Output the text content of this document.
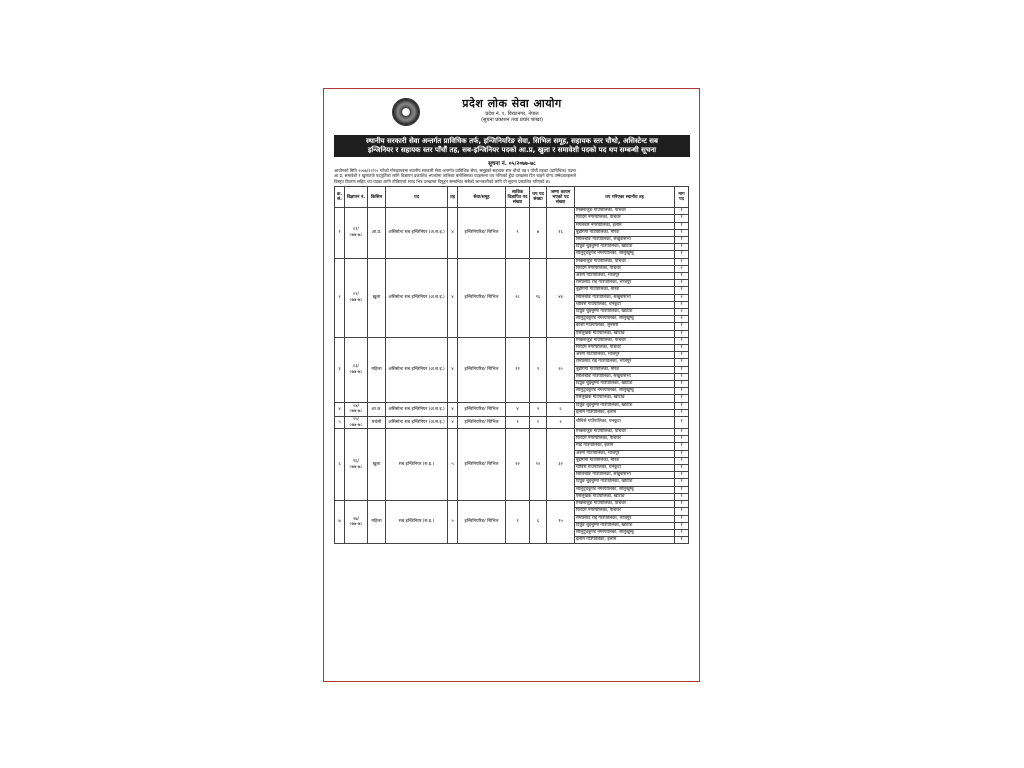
प्रदेश लोक सेवा आयोग
प्रदेश नं. १, विराटनगर, नेपाल
(सूचना प्रकाशन तथा प्रचार शाखा)
स्थानीय सरकारी सेवा अन्तर्गत प्राविधिक तर्फ, इन्जिनियरिङ सेवा, सिभिल समूह, सहायक स्तर चौथो, असिस्टेन्ट सब
इन्जिनियर र सहायक स्तर पाँचौं तह, सब-इन्जिनियर पदको आ.प्र, खुला र समावेशी पदको पद थप सम्बन्धी सूचना
सूचना नं. ०५/२०७७-७८
आयोगको मिति २०७७/१२/१० गतेको गोरखापत्रमा स्थानीय सरकारी सेवा अन्तर्गत प्राविधिक सेवा, समूहको सहायक स्तर चौथो तह र पाँचौं तहका (प्राविधिक) पदमा
आ.प्र, समावेशी र खुलातर्फ पदपूर्तिका लागि विज्ञापन प्रकाशित भएकोमा तालिका बमोजिमका पदहरूमा थप गरिएको हुँदा दरखास्त दिन चाहने योग्य उम्मेदवारहरूले
विस्तृत विवरण सहित थप पदका लागि तोकिएको म्याद भित्र दरखास्त दिनुहुन सम्बन्धित सबैको जानकारीको लागि यो सूचना प्रकाशित गरिएको छ।
क्र. सं.	विज्ञापन नं.	किसिम	पद	तह	सेवा/समूह	साविक विज्ञापित पद संख्या	थप पद संख्या	जम्मा कायम भएको पद संख्या	थप गरिएका स्थानीय तह	माग पद
१	०१/ ०७७-७८	आ.प्र.	असिस्टेन्ट सब इन्जिनियर (अ.स.इ.)	४	इन्जिनियरिङ/ सिभिल	९	७	१६	मिक्लाजुङ गाउँपालिका, पाँचथर	१
									फिदिम नगरपालिका, पाँचथर	१
									मंगलबारे नगरपालिका, इलाम	१
									बुढीगंगा गाउँपालिका, मोरङ	१
									सिलिचोङ गाउँपालिका, संखुवासभा	१
									दिप्रुङ चुइचुम्मा गाउँपालिका, खोटाङ	१
									सोलुदुधकुण्ड नगरपालिका, सोलुखुम्बु	१
२	०२/ ०७७-७८	खुला	असिस्टेन्ट सब इन्जिनियर (अ.स.इ.)	४	इन्जिनियरिङ/ सिभिल	२८	१६	४४	मिक्लाजुङ गाउँपालिका, पाँचथर	२
									फिदिम नगरपालिका, पाँचथर	२
									अरुण गाउँपालिका, भोजपुर	१
									रामप्रसाद राई गाउँपालिका, भोजपुर	१
									बुढीगंगा गाउँपालिका, मोरङ	१
									सिलिचोङ गाउँपालिका, संखुवासभा	२
									चौविसे गाउँपालिका, धनकुटा	१
									दिप्रुङ चुइचुम्मा गाउँपालिका, खोटाङ	२
									सोलुदुधकुण्ड नगरपालिका, सोलुखुम्बु	२
									कोशी गाउँपालिका, सुनसरी	१
									ऐसेलुखर्क गाउँपालिका, खोटाङ	१
३	०३/ ०७७-७८	महिला	असिस्टेन्ट सब इन्जिनियर (अ.स.इ.)	४	इन्जिनियरिङ/ सिभिल	११	९	२०	मिक्लाजुङ गाउँपालिका, पाँचथर	१
									फिदिम नगरपालिका, पाँचथर	१
									अरुण गाउँपालिका, भोजपुर	१
									रामप्रसाद राई गाउँपालिका, भोजपुर	१
									बुढीगंगा गाउँपालिका, मोरङ	१
									सिलिचोङ गाउँपालिका, संखुवासभा	१
									दिप्रुङ चुइचुम्मा गाउँपालिका, खोटाङ	१
									सोलुदुधकुण्ड नगरपालिका, सोलुखुम्बु	१
									ऐसेलुखर्क गाउँपालिका, खोटाङ	१
४	०४/ ०७७-७८	आ.ज.	असिस्टेन्ट सब इन्जिनियर (अ.स.इ.)	४	इन्जिनियरिङ/ सिभिल	४	२	६	दिप्रुङ चुइचुम्मा गाउँपालिका, खोटाङ	१
									इलाम गाउँपालिका, इलाम	१
५	०५/ ०७७-७८	मधेसी	असिस्टेन्ट सब इन्जिनियर (अ.स.इ.)	४	इन्जिनियरिङ/ सिभिल	१	१	२	चौविसे गाउँपालिका, धनकुटा	१
६	२६/ ०७७-७८	खुला	सब इन्जिनियर (स.इ.)	५	इन्जिनियरिङ/ सिभिल	२२	१०	३२	मिक्लाजुङ गाउँपालिका, पाँचथर	१
									फिदिम नगरपालिका, पाँचथर	१
									माई गाउँपालिका, इलाम	१
									अरुण गाउँपालिका, भोजपुर	१
									बुढीगंगा गाउँपालिका, मोरङ	१
									चौविसे गाउँपालिका, धनकुटा	१
									सिलिचोङ गाउँपालिका, संखुवासभा	१
									दिप्रुङ चुइचुम्मा गाउँपालिका, खोटाङ	१
									सोलुदुधकुण्ड नगरपालिका, सोलुखुम्बु	१
									ऐसेलुखर्क गाउँपालिका, खोटाङ	१
७	२७/ ०७७-७८	महिला	सब इन्जिनियर (स.इ.)	५	इन्जिनियरिङ/ सिभिल	९	६	१५	मिक्लाजुङ गाउँपालिका, पाँचथर	१
									फिदिम नगरपालिका, पाँचथर	१
									रामप्रसाद राई गाउँपालिका, भोजपुर	१
									दिप्रुङ चुइचुम्मा गाउँपालिका, खोटाङ	१
									सोलुदुधकुण्ड नगरपालिका, सोलुखुम्बु	१
									इलाम गाउँपालिका, इलाम	१
